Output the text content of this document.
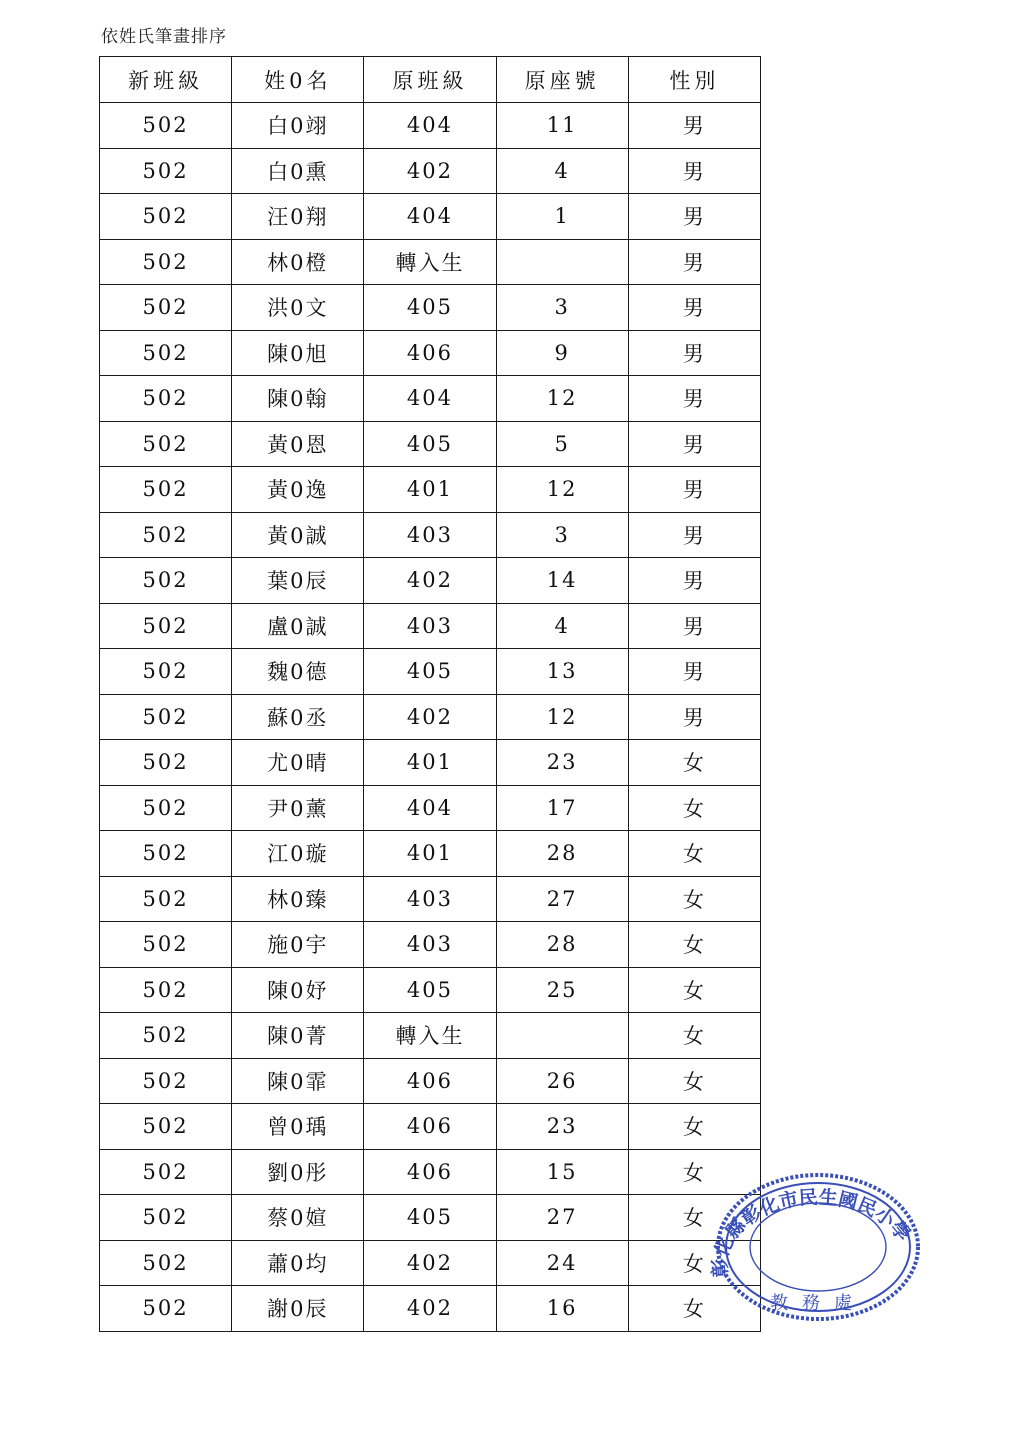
依姓氏筆畫排序
新班級	姓0名	原班級	原座號	性別
502	白0翊	404	11	男
502	白0熏	402	4	男
502	汪0翔	404	1	男
502	林0橙	轉入生		男
502	洪0文	405	3	男
502	陳0旭	406	9	男
502	陳0翰	404	12	男
502	黃0恩	405	5	男
502	黃0逸	401	12	男
502	黃0誠	403	3	男
502	葉0辰	402	14	男
502	盧0誠	403	4	男
502	魏0德	405	13	男
502	蘇0丞	402	12	男
502	尤0晴	401	23	女
502	尹0薰	404	17	女
502	江0璇	401	28	女
502	林0臻	403	27	女
502	施0宇	403	28	女
502	陳0妤	405	25	女
502	陳0菁	轉入生		女
502	陳0霏	406	26	女
502	曾0瑀	406	23	女
502	劉0彤	406	15	女
502	蔡0媗	405	27	女
502	蕭0均	402	24	女
502	謝0辰	402	16	女
彰化縣彰化市民生國民小學
教務處
